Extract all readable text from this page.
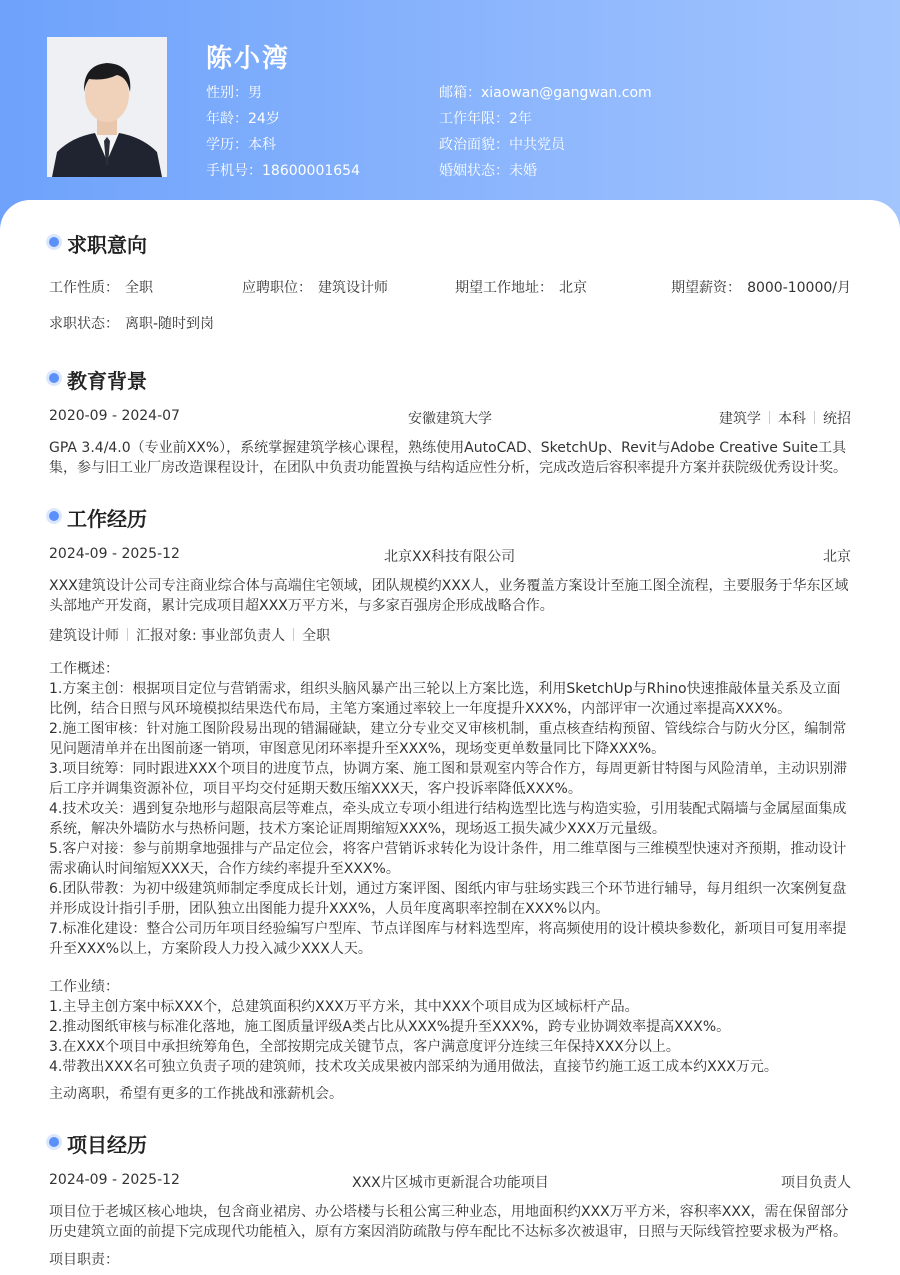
陈小湾
性别：男	邮箱：xiaowan@gangwan.com
年龄：24岁	工作年限：2年
学历：本科	政治面貌：中共党员
手机号：18600001654	婚姻状态：未婚
求职意向
工作性质： 全职	应聘职位： 建筑设计师	期望工作地址： 北京	期望薪资： 8000-10000/月
求职状态： 离职-随时到岗
教育背景
2020-09 - 2024-07	安徽建筑大学	建筑学 本科 统招
GPA 3.4/4.0（专业前XX%），系统掌握建筑学核心课程，熟练使用AutoCAD、SketchUp、Revit与Adobe Creative Suite工具集，参与旧工业厂房改造课程设计，在团队中负责功能置换与结构适应性分析，完成改造后容积率提升方案并获院级优秀设计奖。
工作经历
2024-09 - 2025-12	北京XX科技有限公司	北京
XXX建筑设计公司专注商业综合体与高端住宅领域，团队规模约XXX人，业务覆盖方案设计至施工图全流程，主要服务于华东区域头部地产开发商，累计完成项目超XXX万平方米，与多家百强房企形成战略合作。
建筑设计师 汇报对象: 事业部负责人 全职
工作概述：
1.方案主创：根据项目定位与营销需求，组织头脑风暴产出三轮以上方案比选，利用SketchUp与Rhino快速推敲体量关系及立面比例，结合日照与风环境模拟结果迭代布局，主笔方案通过率较上一年度提升XXX%，内部评审一次通过率提高XXX%。
2.施工图审核：针对施工图阶段易出现的错漏碰缺，建立分专业交叉审核机制，重点核查结构预留、管线综合与防火分区，编制常见问题清单并在出图前逐一销项，审图意见闭环率提升至XXX%，现场变更单数量同比下降XXX%。
3.项目统筹：同时跟进XXX个项目的进度节点，协调方案、施工图和景观室内等合作方，每周更新甘特图与风险清单，主动识别滞后工序并调集资源补位，项目平均交付延期天数压缩XXX天，客户投诉率降低XXX%。
4.技术攻关：遇到复杂地形与超限高层等难点，牵头成立专项小组进行结构选型比选与构造实验，引用装配式隔墙与金属屋面集成系统，解决外墙防水与热桥问题，技术方案论证周期缩短XXX%，现场返工损失减少XXX万元量级。
5.客户对接：参与前期拿地强排与产品定位会，将客户营销诉求转化为设计条件，用二维草图与三维模型快速对齐预期，推动设计需求确认时间缩短XXX天，合作方续约率提升至XXX%。
6.团队带教：为初中级建筑师制定季度成长计划，通过方案评图、图纸内审与驻场实践三个环节进行辅导，每月组织一次案例复盘并形成设计指引手册，团队独立出图能力提升XXX%，人员年度离职率控制在XXX%以内。
7.标准化建设：整合公司历年项目经验编写户型库、节点详图库与材料选型库，将高频使用的设计模块参数化，新项目可复用率提升至XXX%以上，方案阶段人力投入减少XXX人天。
工作业绩：
1.主导主创方案中标XXX个，总建筑面积约XXX万平方米，其中XXX个项目成为区域标杆产品。
2.推动图纸审核与标准化落地，施工图质量评级A类占比从XXX%提升至XXX%，跨专业协调效率提高XXX%。
3.在XXX个项目中承担统筹角色，全部按期完成关键节点，客户满意度评分连续三年保持XXX分以上。
4.带教出XXX名可独立负责子项的建筑师，技术攻关成果被内部采纳为通用做法，直接节约施工返工成本约XXX万元。
主动离职，希望有更多的工作挑战和涨薪机会。
项目经历
2024-09 - 2025-12	XXX片区城市更新混合功能项目	项目负责人
项目位于老城区核心地块，包含商业裙房、办公塔楼与长租公寓三种业态，用地面积约XXX万平方米，容积率XXX，需在保留部分历史建筑立面的前提下完成现代功能植入，原有方案因消防疏散与停车配比不达标多次被退审，日照与天际线管控要求极为严格。
项目职责：
